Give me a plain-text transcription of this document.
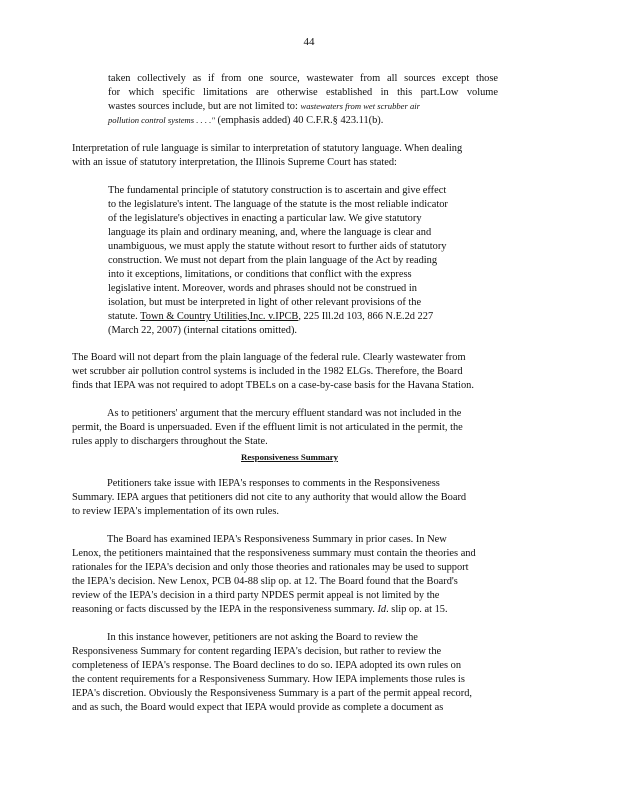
44
taken collectively as if from one source, wastewater from all sources except those
for which specific limitations are otherwise established in this part.Low volume
wastes sources include, but are not limited to: wastewaters from wet scrubber air
pollution control systems . . . ." (emphasis added) 40 C.F.R.§ 423.11(b).
Interpretation of rule language is similar to interpretation of statutory language. When dealing
with an issue of statutory interpretation, the Illinois Supreme Court has stated:
The fundamental principle of statutory construction is to ascertain and give effect
to the legislature's intent. The language of the statute is the most reliable indicator
of the legislature's objectives in enacting a particular law. We give statutory
language its plain and ordinary meaning, and, where the language is clear and
unambiguous, we must apply the statute without resort to further aids of statutory
construction. We must not depart from the plain language of the Act by reading
into it exceptions, limitations, or conditions that conflict with the express
legislative intent. Moreover, words and phrases should not be construed in
isolation, but must be interpreted in light of other relevant provisions of the
statute. Town & Country Utilities,Inc. v.IPCB, 225 Ill.2d 103, 866 N.E.2d 227
(March 22, 2007) (internal citations omitted).
The Board will not depart from the plain language of the federal rule. Clearly wastewater from
wet scrubber air pollution control systems is included in the 1982 ELGs. Therefore, the Board
finds that IEPA was not required to adopt TBELs on a case-by-case basis for the Havana Station.
As to petitioners' argument that the mercury effluent standard was not included in the
permit, the Board is unpersuaded. Even if the effluent limit is not articulated in the permit, the
rules apply to dischargers throughout the State.
Responsiveness Summary
Petitioners take issue with IEPA's responses to comments in the Responsiveness
Summary. IEPA argues that petitioners did not cite to any authority that would allow the Board
to review IEPA's implementation of its own rules.
The Board has examined IEPA's Responsiveness Summary in prior cases. In New
Lenox, the petitioners maintained that the responsiveness summary must contain the theories and
rationales for the IEPA's decision and only those theories and rationales may be used to support
the IEPA's decision. New Lenox, PCB 04-88 slip op. at 12. The Board found that the Board's
review of the IEPA's decision in a third party NPDES permit appeal is not limited by the
reasoning or facts discussed by the IEPA in the responsiveness summary. Id. slip op. at 15.
In this instance however, petitioners are not asking the Board to review the
Responsiveness Summary for content regarding IEPA's decision, but rather to review the
completeness of IEPA's response. The Board declines to do so. IEPA adopted its own rules on
the content requirements for a Responsiveness Summary. How IEPA implements those rules is
IEPA's discretion. Obviously the Responsiveness Summary is a part of the permit appeal record,
and as such, the Board would expect that IEPA would provide as complete a document as
